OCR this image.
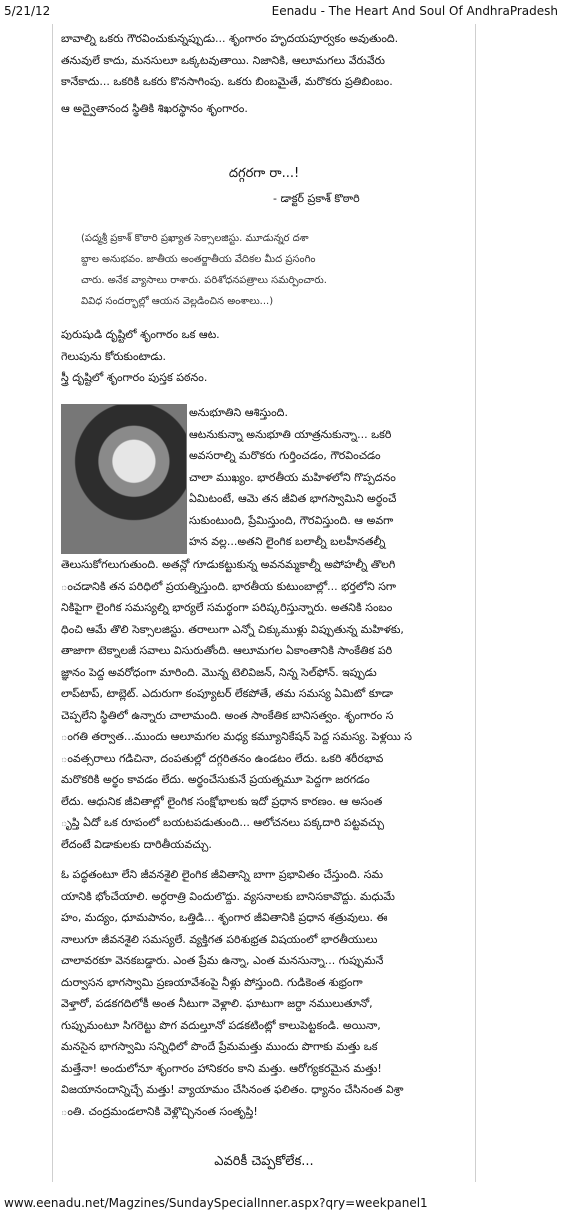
5/21/12	Eenadu - The Heart And Soul Of AndhraPradesh
బావాల్ని ఒకరు గౌరవించుకున్నప్పుడు... శృంగారం హృదయపూర్వకం అవుతుంది.
తనువులే కాదు, మనసులూ ఒక్కటవుతాయి. నిజానికి, ఆలూమగలు వేరువేరు
కానేకాదు... ఒకరికి ఒకరు కొనసాగింపు. ఒకరు బింబమైతే, మరొకరు ప్రతిబింబం.
ఆ అద్వైతానంద స్థితికి శిఖరస్థానం శృంగారం.
దగ్గరగా రా...!
- డాక్టర్ ప్రకాశ్ కొఠారి
(పద్మశ్రీ ప్రకాశ్ కొఠారి ప్రఖ్యాత సెక్సాలజిస్టు. మూడున్నర దశా
బ్దాల అనుభవం. జాతీయ అంతర్జాతీయ వేదికల మీద ప్రసంగిం
చారు. అనేక వ్యాసాలు రాశారు. పరిశోధనపత్రాలు సమర్పించారు.
వివిధ సందర్భాల్లో ఆయన వెల్లడించిన అంశాలు...)
పురుషుడి దృష్టిలో శృంగారం ఒక ఆట.
గెలుపును కోరుకుంటాడు.
స్త్రీ దృష్టిలో శృంగారం పుస్తక పఠనం.
అనుభూతిని ఆశిస్తుంది.
ఆటనుకున్నా అనుభూతి యాత్రనుకున్నా... ఒకరి
అవసరాల్ని మరొకరు గుర్తించడం, గౌరవించడం
చాలా ముఖ్యం. భారతీయ మహిళలోని గొప్పదనం
ఏమిటంటే, ఆమె తన జీవిత భాగస్వామిని అర్థంచే
సుకుంటుంది, ప్రేమిస్తుంది, గౌరవిస్తుంది. ఆ అవగా
హన వల్ల...అతని లైంగిక బలాల్నీ బలహీనతల్నీ
తెలుసుకోగలుగుతుంది. అతన్లో గూడుకట్టుకున్న అవనమ్మకాల్నీ అపోహల్నీ తొలగి
ంచడానికి తన పరిధిలో ప్రయత్నిస్తుంది. భారతీయ కుటుంబాల్లో... భర్తలోని సగా
నికిపైగా లైంగిక సమస్యల్ని భార్యలే సమర్థంగా పరిష్కరిస్తున్నారు. అతనికి సంబం
ధించి ఆమే తొలి సెక్సాలజిస్టు. తరాలుగా ఎన్నో చిక్కుముళ్లు విప్పుతున్న మహిళకు,
తాజాగా టెక్నాలజీ సవాలు విసురుతోంది. ఆలూమగల ఏకాంతానికి సాంకేతిక పరి
జ్ఞానం పెద్ద అవరోధంగా మారింది. మొన్న టెలివిజన్, నిన్న సెల్‌ఫోన్. ఇప్పుడు
లాప్‌టాప్, టాబ్లెట్. ఎదురుగా కంప్యూటర్ లేకపోతే, తమ సమస్య ఏమిటో కూడా
చెప్పలేని స్థితిలో ఉన్నారు చాలామంది. అంత సాంకేతిక బానిసత్వం. శృంగారం స
ంగతి తర్వాత...ముందు ఆలూమగల మధ్య కమ్యూనికేషన్ పెద్ద సమస్య. పెళ్లయి స
ంవత్సరాలు గడిచినా, దంపతుల్లో దగ్గరితనం ఉండటం లేదు. ఒకరి శరీరభావ
మరొకరికి అర్థం కావడం లేదు. అర్థంచేసుకునే ప్రయత్నమూ పెద్దగా జరగడం
లేదు. ఆధునిక జీవితాల్లో లైంగిక సంక్షోభాలకు ఇదో ప్రధాన కారణం. ఆ అసంత
ృప్తి ఏదో ఒక రూపంలో బయటపడుతుంది... ఆలోచనలు పక్కదారి పట్టవచ్చు
లేదంటే విడాకులకు దారితీయవచ్చు.
ఓ పద్ధతంటూ లేని జీవనశైలి లైంగిక జీవితాన్ని బాగా ప్రభావితం చేస్తుంది. సమ
యానికి భోంచేయాలి. అర్ధరాత్రి విందులొద్దు. వ్యసనాలకు బానిసకావొద్దు. మధుమే
హం, మద్యం, ధూమపానం, ఒత్తిడి... శృంగార జీవితానికి ప్రధాన శత్రువులు. ఈ
నాలుగూ జీవనశైలి సమస్యలే. వ్యక్తిగత పరిశుభ్రత విషయంలో భారతీయులు
చాలావరకూ వెనకబడ్డారు. ఎంత ప్రేమ ఉన్నా, ఎంత మనసున్నా... గుప్పుమనే
దుర్వాసన భాగస్వామి ప్రణయావేశంపై నీళ్లు పోస్తుంది. గుడికెంత శుభ్రంగా
వెళ్తారో, పడకగదిలోకీ అంత నీటుగా వెళ్లాలి. ఘాటుగా జర్దా నములుతూనో,
గుప్పుమంటూ సిగరెట్టు పొగ వదుల్తూనో పడకటింట్లో కాలుపెట్టకండి. అయినా,
మనసైన భాగస్వామి సన్నిధిలో పొందే ప్రేమమత్తు ముందు పొగాకు మత్తు ఒక
మత్తేనా! అందులోనూ శృంగారం హానికరం కాని మత్తు. ఆరోగ్యకరమైన మత్తు!
విజయానందాన్నిచ్చే మత్తు! వ్యాయామం చేసినంత ఫలితం. ధ్యానం చేసినంత విశ్రా
ంతి. చంద్రమండలానికి వెళ్లొచ్చినంత సంతృప్తి!
ఎవరికీ చెప్పకోలేక...
www.eenadu.net/Magzines/SundaySpecialInner.aspx?qry=weekpanel1
